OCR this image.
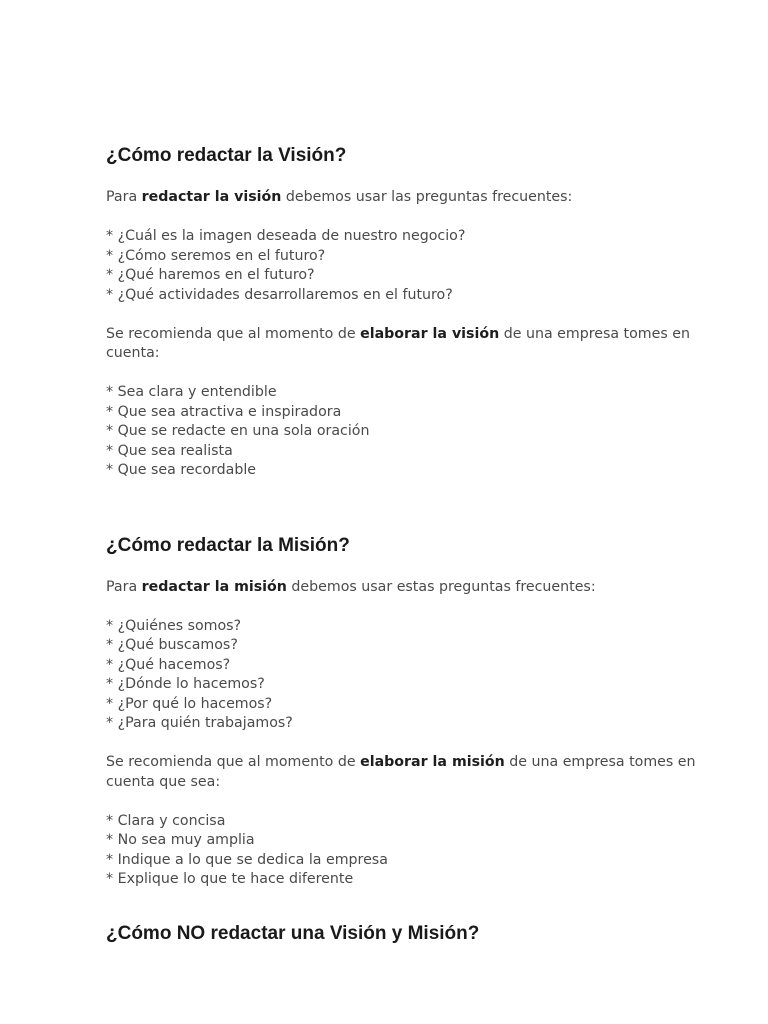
¿Cómo redactar la Visión?

Para redactar la visión debemos usar las preguntas frecuentes:

* ¿Cuál es la imagen deseada de nuestro negocio?
* ¿Cómo seremos en el futuro?
* ¿Qué haremos en el futuro?
* ¿Qué actividades desarrollaremos en el futuro?

Se recomienda que al momento de elaborar la visión de una empresa tomes en cuenta:

* Sea clara y entendible
* Que sea atractiva e inspiradora
* Que se redacte en una sola oración
* Que sea realista
* Que sea recordable
¿Cómo redactar la Misión?

Para redactar la misión debemos usar estas preguntas frecuentes:

* ¿Quiénes somos?
* ¿Qué buscamos?
* ¿Qué hacemos?
* ¿Dónde lo hacemos?
* ¿Por qué lo hacemos?
* ¿Para quién trabajamos?

Se recomienda que al momento de elaborar la misión de una empresa tomes en cuenta que sea:

* Clara y concisa
* No sea muy amplia
* Indique a lo que se dedica la empresa
* Explique lo que te hace diferente
¿Cómo NO redactar una Visión y Misión?
